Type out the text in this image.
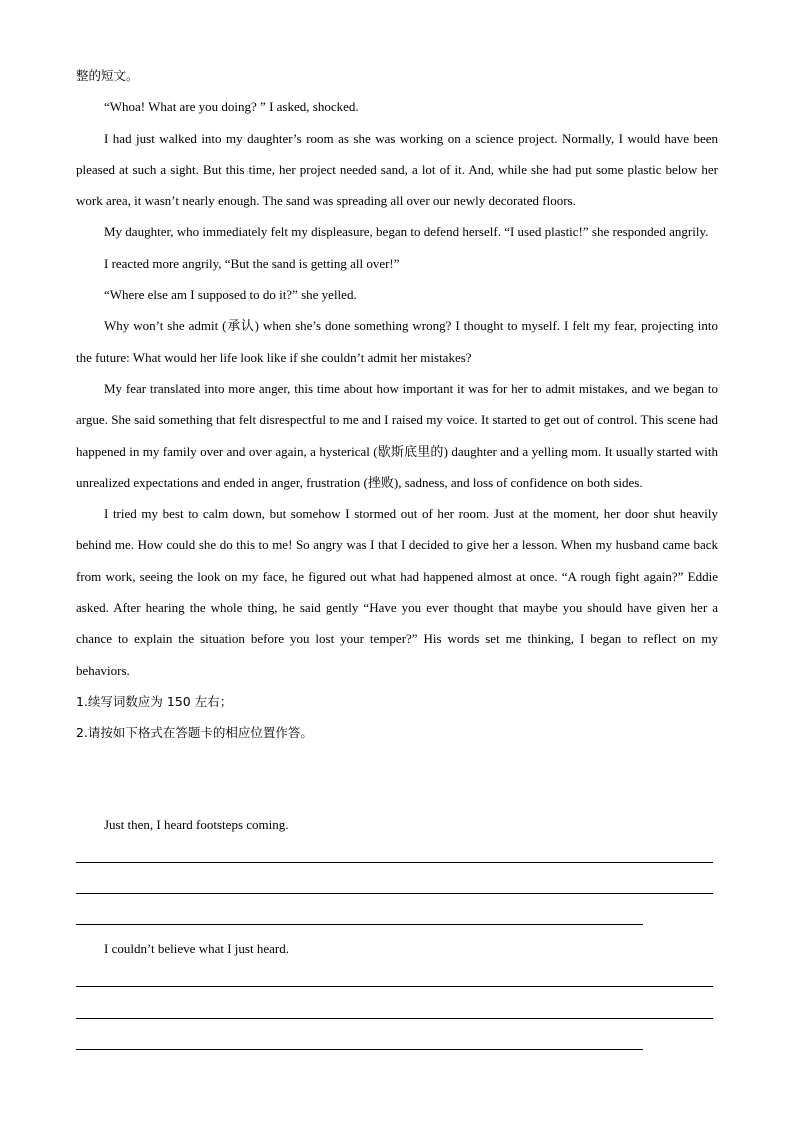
整的短文。

“Whoa! What are you doing? ” I asked, shocked.

I had just walked into my daughter’s room as she was working on a science project. Normally, I would have been pleased at such a sight. But this time, her project needed sand, a lot of it. And, while she had put some plastic below her work area, it wasn’t nearly enough. The sand was spreading all over our newly decorated floors.

My daughter, who immediately felt my displeasure, began to defend herself. “I used plastic!” she responded angrily.

I reacted more angrily, “But the sand is getting all over!”

“Where else am I supposed to do it?” she yelled.

Why won’t she admit (承认) when she’s done something wrong? I thought to myself. I felt my fear, projecting into the future: What would her life look like if she couldn’t admit her mistakes?

My fear translated into more anger, this time about how important it was for her to admit mistakes, and we began to argue. She said something that felt disrespectful to me and I raised my voice. It started to get out of control. This scene had happened in my family over and over again, a hysterical (歇斯底里的) daughter and a yelling mom. It usually started with unrealized expectations and ended in anger, frustration (挫败), sadness, and loss of confidence on both sides.

I tried my best to calm down, but somehow I stormed out of her room. Just at the moment, her door shut heavily behind me. How could she do this to me! So angry was I that I decided to give her a lesson. When my husband came back from work, seeing the look on my face, he figured out what had happened almost at once. “A rough fight again?” Eddie asked. After hearing the whole thing, he said gently “Have you ever thought that maybe you should have given her a chance to explain the situation before you lost your temper?” His words set me thinking, I began to reflect on my behaviors.

1.续写词数应为 150 左右；

2.请按如下格式在答题卡的相应位置作答。

Just then, I heard footsteps coming.

I couldn’t believe what I just heard.
